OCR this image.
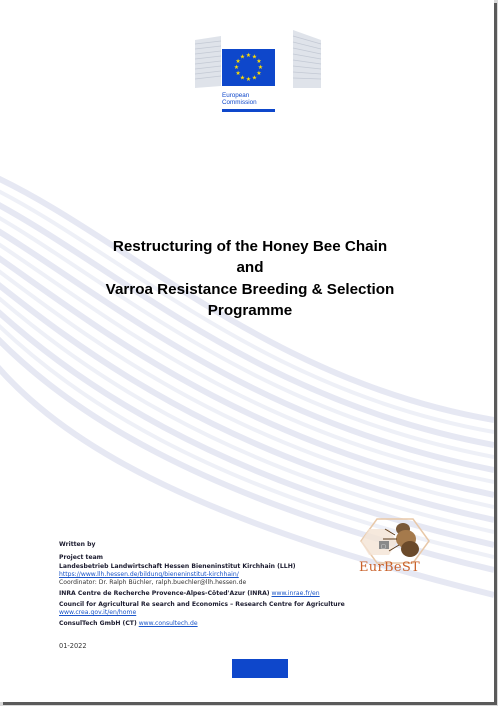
★ ★
★
★
★
★
★
★
★
★
★
★
European
Commission
Restructuring of the Honey Bee Chain
and
Varroa Resistance Breeding & Selection
Programme
□
EurBeST
Written by
Project team
Landesbetrieb Landwirtschaft Hessen Bieneninstitut Kirchhain (LLH)
https://www.llh.hessen.de/bildung/bieneninstitut-kirchhain/
Coordinator: Dr. Ralph Büchler, ralph.buechler@llh.hessen.de
INRA Centre de Recherche Provence-Alpes-Côted'Azur (INRA) www.inrae.fr/en
Council for Agricultural Re search and Economics – Research Centre for Agriculture
www.crea.gov.it/en/home
ConsulTech GmbH (CT) www.consultech.de
01-2022
